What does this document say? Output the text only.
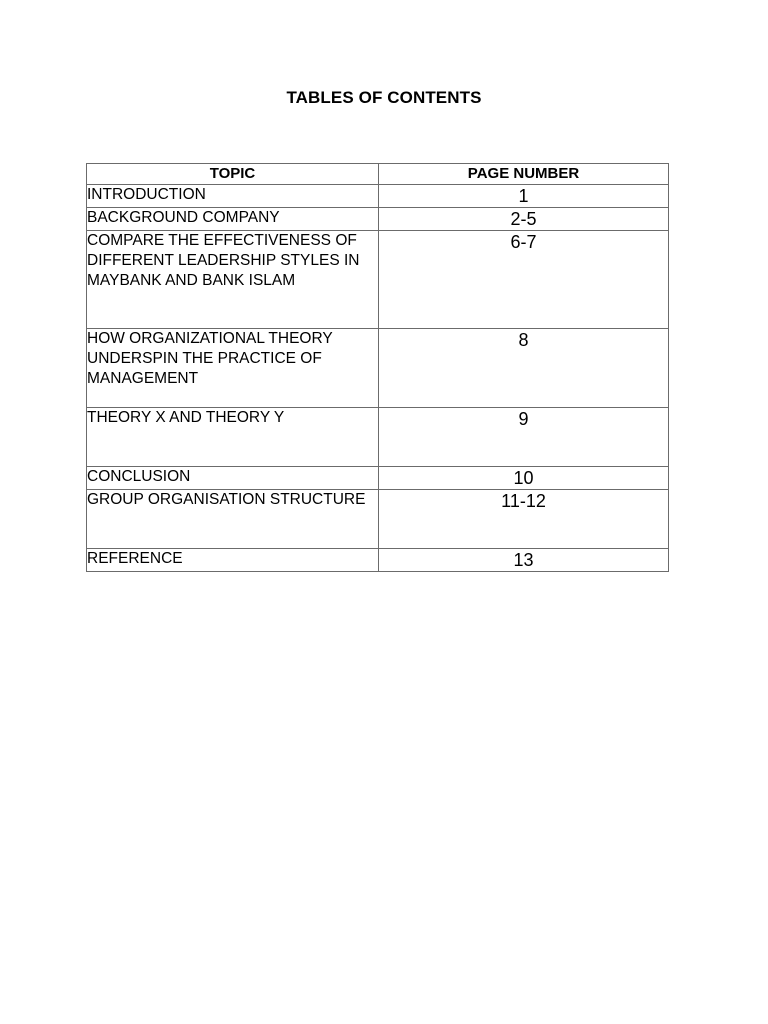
TABLES OF CONTENTS
TOPIC	PAGE NUMBER
INTRODUCTION	1
BACKGROUND COMPANY	2-5
COMPARE THE EFFECTIVENESS OF DIFFERENT LEADERSHIP STYLES IN MAYBANK AND BANK ISLAM	6-7
HOW ORGANIZATIONAL THEORY UNDERSPIN THE PRACTICE OF MANAGEMENT	8
THEORY X AND THEORY Y	9
CONCLUSION	10
GROUP ORGANISATION STRUCTURE	11-12
REFERENCE	13
